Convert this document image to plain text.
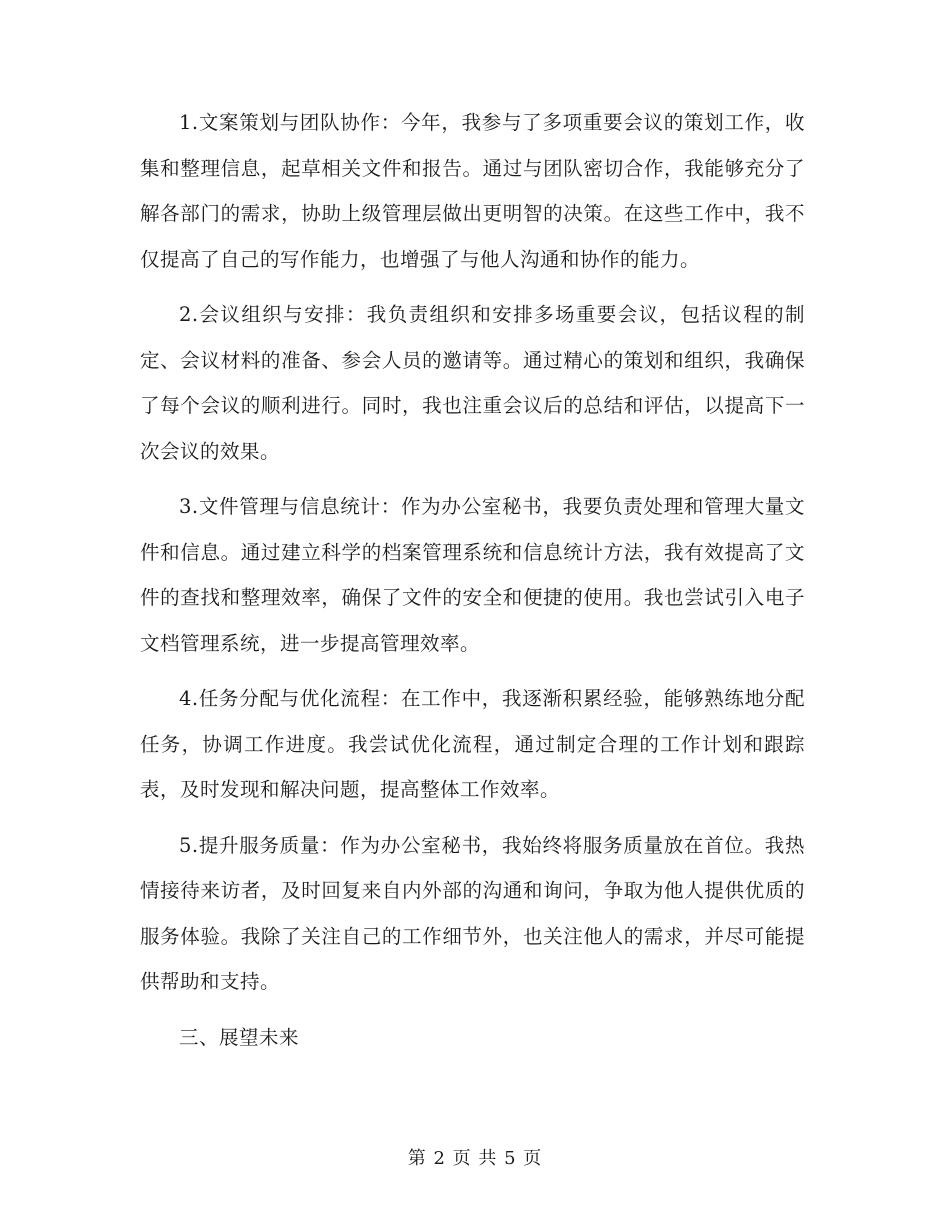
1.文案策划与团队协作：今年，我参与了多项重要会议的策划工作，收集和整理信息，起草相关文件和报告。通过与团队密切合作，我能够充分了解各部门的需求，协助上级管理层做出更明智的决策。在这些工作中，我不仅提高了自己的写作能力，也增强了与他人沟通和协作的能力。

2.会议组织与安排：我负责组织和安排多场重要会议，包括议程的制定、会议材料的准备、参会人员的邀请等。通过精心的策划和组织，我确保了每个会议的顺利进行。同时，我也注重会议后的总结和评估，以提高下一次会议的效果。

3.文件管理与信息统计：作为办公室秘书，我要负责处理和管理大量文件和信息。通过建立科学的档案管理系统和信息统计方法，我有效提高了文件的查找和整理效率，确保了文件的安全和便捷的使用。我也尝试引入电子文档管理系统，进一步提高管理效率。

4.任务分配与优化流程：在工作中，我逐渐积累经验，能够熟练地分配任务，协调工作进度。我尝试优化流程，通过制定合理的工作计划和跟踪表，及时发现和解决问题，提高整体工作效率。

5.提升服务质量：作为办公室秘书，我始终将服务质量放在首位。我热情接待来访者，及时回复来自内外部的沟通和询问，争取为他人提供优质的服务体验。我除了关注自己的工作细节外，也关注他人的需求，并尽可能提供帮助和支持。

三、展望未来

第 2 页 共 5 页
